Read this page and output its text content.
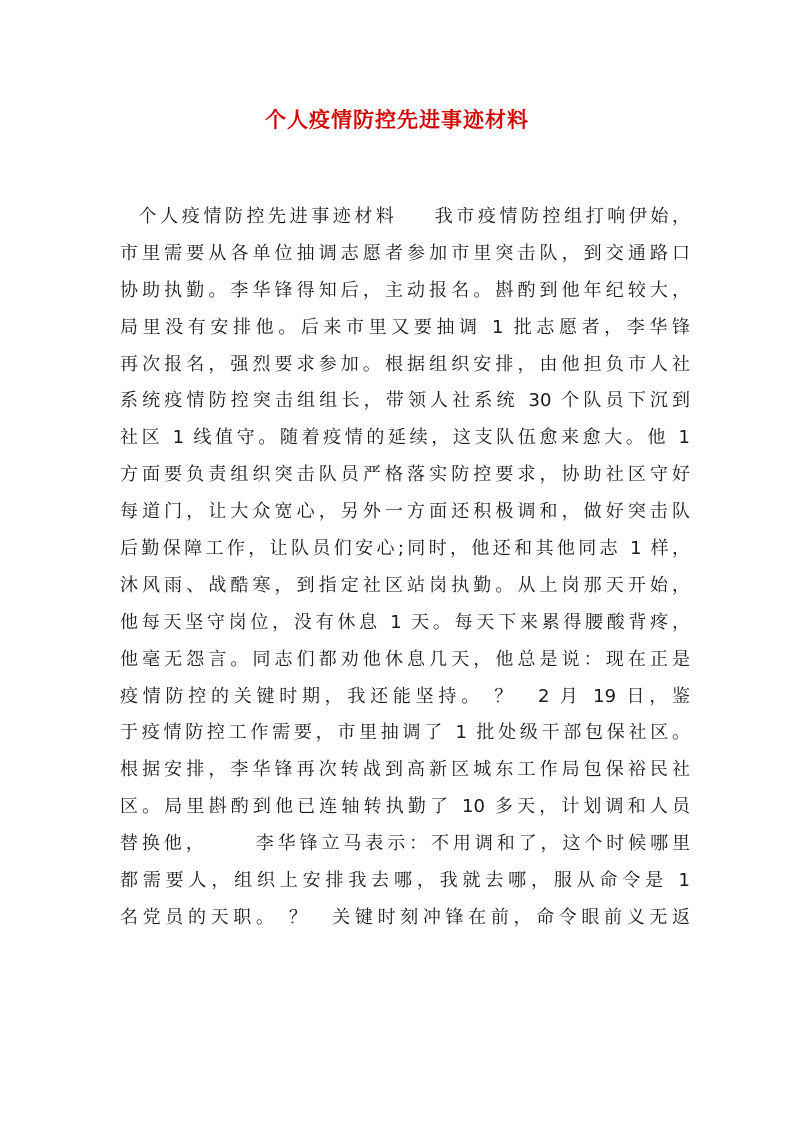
个人疫情防控先进事迹材料
个人疫情防控先进事迹材料    我市疫情防控组打响伊始，
市里需要从各单位抽调志愿者参加市里突击队，到交通路口
协助执勤。李华锋得知后，主动报名。斟酌到他年纪较大，
局里没有安排他。后来市里又要抽调 1 批志愿者，李华锋
再次报名，强烈要求参加。根据组织安排，由他担负市人社
系统疫情防控突击组组长，带领人社系统 30 个队员下沉到
社区 1 线值守。随着疫情的延续，这支队伍愈来愈大。他 1
方面要负责组织突击队员严格落实防控要求，协助社区守好
每道门，让大众宽心，另外一方面还积极调和，做好突击队
后勤保障工作，让队员们安心;同时，他还和其他同志 1 样，
沐风雨、战酷寒，到指定社区站岗执勤。从上岗那天开始，
他每天坚守岗位，没有休息 1 天。每天下来累得腰酸背疼，
他毫无怨言。同志们都劝他休息几天，他总是说：现在正是
疫情防控的关键时期，我还能坚持。 ？  2 月 19 日，鉴
于疫情防控工作需要，市里抽调了 1 批处级干部包保社区。
根据安排，李华锋再次转战到高新区城东工作局包保裕民社
区。局里斟酌到他已连轴转执勤了 10 多天，计划调和人员
替换他，     李华锋立马表示：不用调和了，这个时候哪里
都需要人，组织上安排我去哪，我就去哪，服从命令是 1
名党员的天职。 ？  关键时刻冲锋在前，命令眼前义无返
